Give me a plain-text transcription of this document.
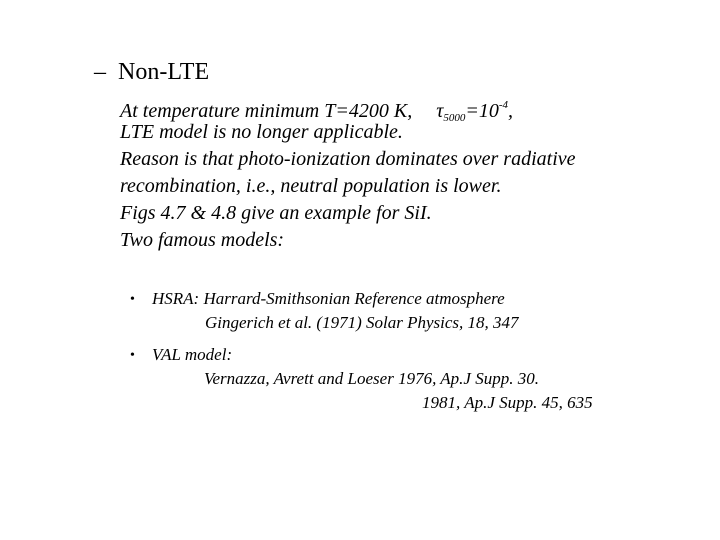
– Non-LTE
At temperature minimum T=4200 K, $\tau_{5000}=10^{-4}$,
LTE model is no longer applicable.
Reason is that photo-ionization dominates over radiative
recombination, i.e., neutral population is lower.
Figs 4.7 & 4.8 give an example for SiI.
Two famous models:
• HSRA: Harrard-Smithsonian Reference atmosphere
Gingerich et al. (1971) Solar Physics, 18, 347
• VAL model:
Vernazza, Avrett and Loeser 1976, Ap.J Supp. 30.
1981, Ap.J Supp. 45, 635
